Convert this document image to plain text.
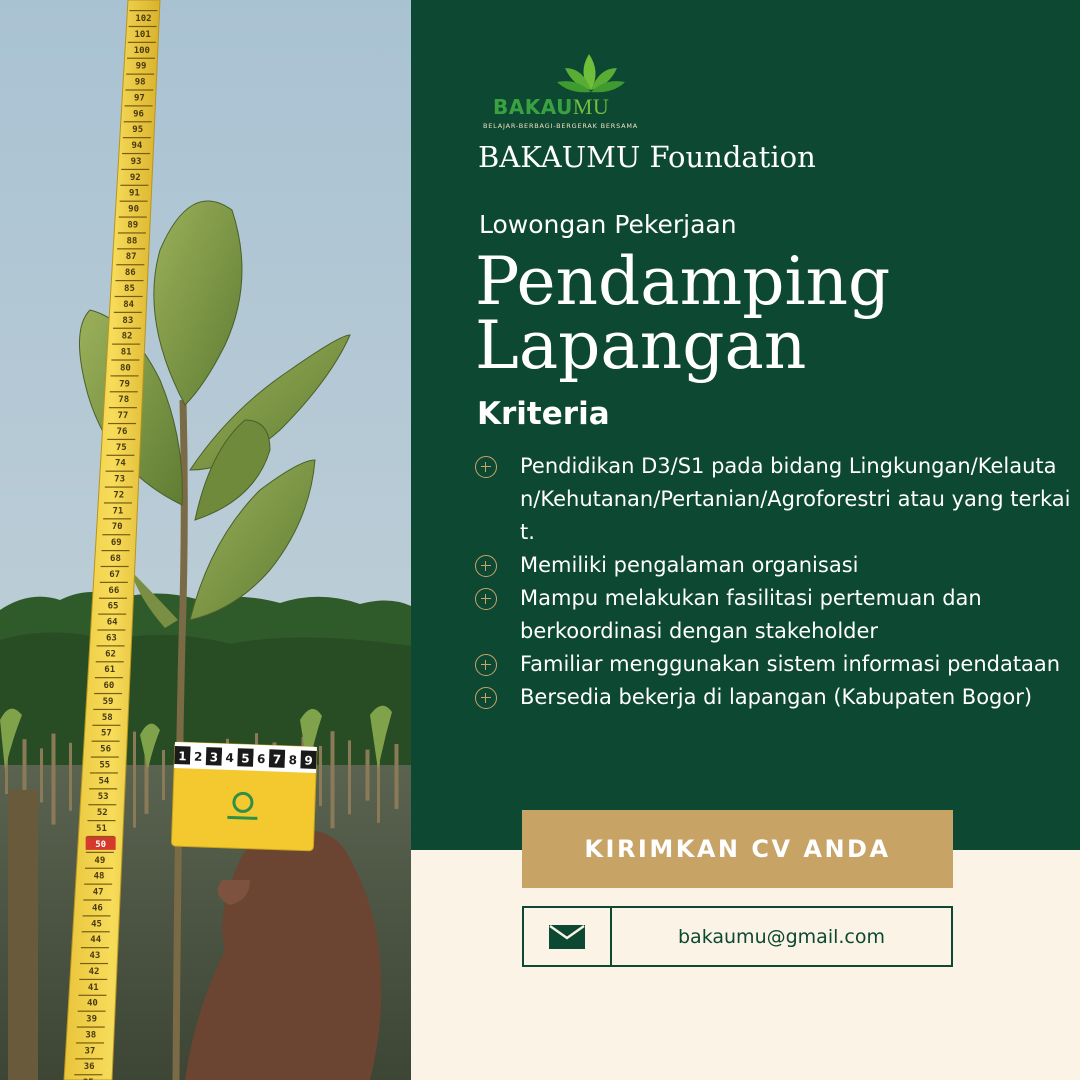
102
101
100
99
98
97
96
95
94
93
92
91
90
89
88
87
86
85
84
83
82
81
80
79
78
77
76
75
74
73
72
71
70
69
68
67
66
65
64
63
62
61
60
59
58
57
56
55
54
53
52
51
50
49
48
47
46
45
44
43
42
41
40
39
38
37
36
1 2 3 4 5 6 7 8 9
BAKAUMU
BELAJAR-BERBAGI-BERGERAK BERSAMA
BAKAUMU Foundation
Lowongan Pekerjaan
Pendamping
Lapangan
Kriteria
Pendidikan D3/S1 pada bidang Lingkungan/Kelautan/Kehutanan/Pertanian/Agroforestri atau yang terkait.
Memiliki pengalaman organisasi
Mampu melakukan fasilitasi pertemuan dan berkoordinasi dengan stakeholder
Familiar menggunakan sistem informasi pendataan
Bersedia bekerja di lapangan (Kabupaten Bogor)
KIRIMKAN CV ANDA
bakaumu@gmail.com
